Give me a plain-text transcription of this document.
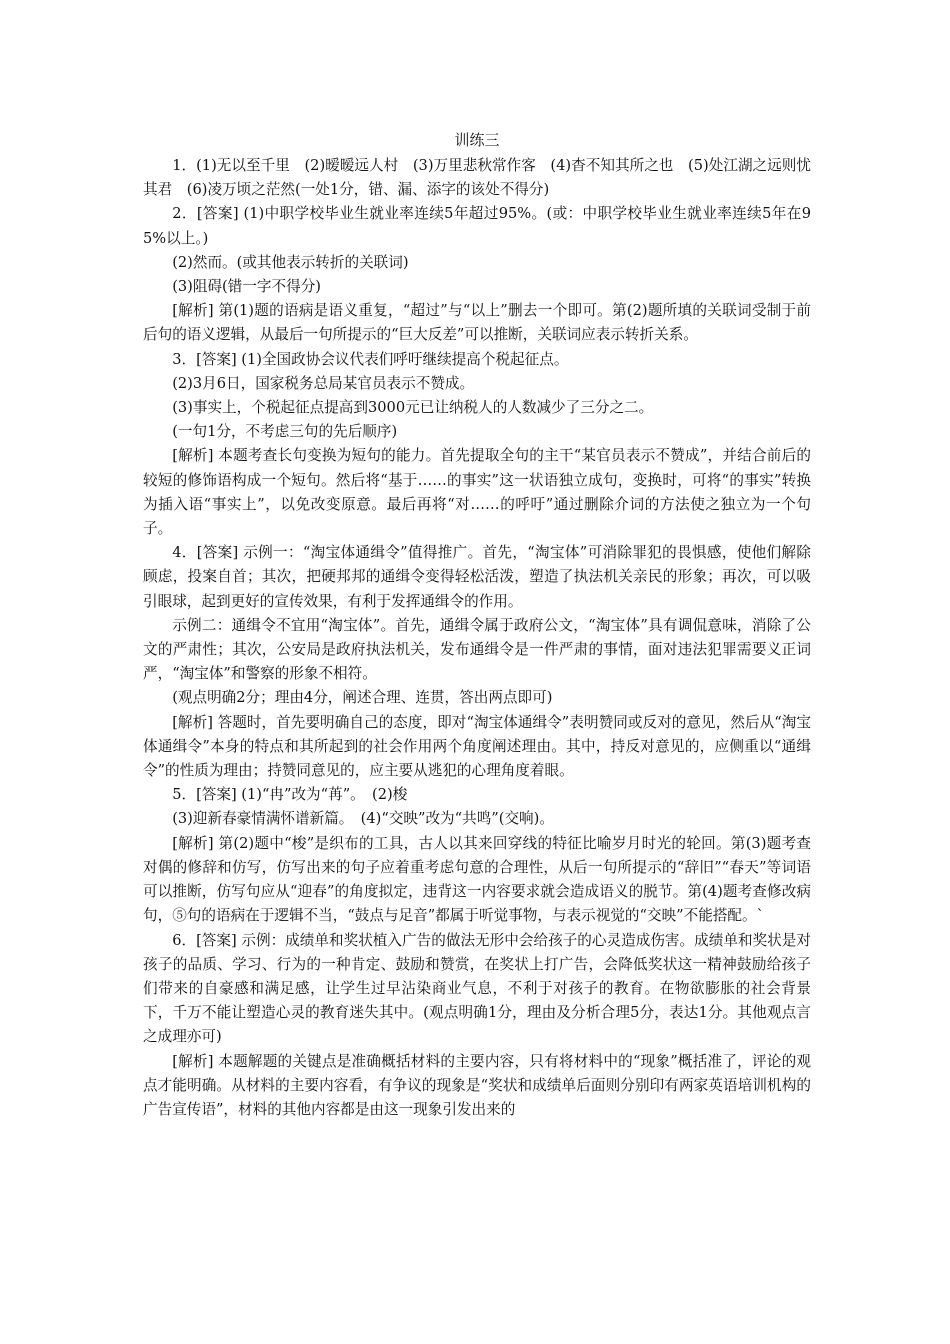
训练三
1．(1)无以至千里　(2)暧暧远人村　(3)万里悲秋常作客　(4)杳不知其所之也　(5)处江湖之远则忧其君　(6)凌万顷之茫然(一处1分，错、漏、添字的该处不得分)
2．[答案] (1)中职学校毕业生就业率连续5年超过95%。(或：中职学校毕业生就业率连续5年在95%以上。)
(2)然而。(或其他表示转折的关联词)
(3)阻碍(错一字不得分)
[解析] 第(1)题的语病是语义重复，“超过”与“以上”删去一个即可。第(2)题所填的关联词受制于前后句的语义逻辑，从最后一句所提示的“巨大反差”可以推断，关联词应表示转折关系。
3．[答案] (1)全国政协会议代表们呼吁继续提高个税起征点。
(2)3月6日，国家税务总局某官员表示不赞成。
(3)事实上，个税起征点提高到3000元已让纳税人的人数减少了三分之二。
(一句1分，不考虑三句的先后顺序)
[解析] 本题考查长句变换为短句的能力。首先提取全句的主干“某官员表示不赞成”，并结合前后的较短的修饰语构成一个短句。然后将“基于……的事实”这一状语独立成句，变换时，可将“的事实”转换为插入语“事实上”，以免改变原意。最后再将“对……的呼吁”通过删除介词的方法使之独立为一个句子。
4．[答案] 示例一：“淘宝体通缉令”值得推广。首先，“淘宝体”可消除罪犯的畏惧感，使他们解除顾虑，投案自首；其次，把硬邦邦的通缉令变得轻松活泼，塑造了执法机关亲民的形象；再次，可以吸引眼球，起到更好的宣传效果，有利于发挥通缉令的作用。
示例二：通缉令不宜用“淘宝体”。首先，通缉令属于政府公文，“淘宝体”具有调侃意味，消除了公文的严肃性；其次，公安局是政府执法机关，发布通缉令是一件严肃的事情，面对违法犯罪需要义正词严，“淘宝体”和警察的形象不相符。
(观点明确2分；理由4分，阐述合理、连贯，答出两点即可)
[解析] 答题时，首先要明确自己的态度，即对“淘宝体通缉令”表明赞同或反对的意见，然后从“淘宝体通缉令”本身的特点和其所起到的社会作用两个角度阐述理由。其中，持反对意见的，应侧重以“通缉令”的性质为理由；持赞同意见的，应主要从逃犯的心理角度着眼。
5．[答案] (1)“冉”改为“苒”。　(2)梭
(3)迎新春豪情满怀谱新篇。　(4)“交映”改为“共鸣”(交响)。
[解析] 第(2)题中“梭”是织布的工具，古人以其来回穿线的特征比喻岁月时光的轮回。第(3)题考查对偶的修辞和仿写，仿写出来的句子应着重考虑句意的合理性，从后一句所提示的“辞旧”“春天”等词语可以推断，仿写句应从“迎春”的角度拟定，违背这一内容要求就会造成语义的脱节。第(4)题考查修改病句，⑤句的语病在于逻辑不当，“鼓点与足音”都属于听觉事物，与表示视觉的“交映”不能搭配。`
6．[答案] 示例：成绩单和奖状植入广告的做法无形中会给孩子的心灵造成伤害。成绩单和奖状是对孩子的品质、学习、行为的一种肯定、鼓励和赞赏，在奖状上打广告，会降低奖状这一精神鼓励给孩子们带来的自豪感和满足感，让学生过早沾染商业气息，不利于对孩子的教育。在物欲膨胀的社会背景下，千万不能让塑造心灵的教育迷失其中。(观点明确1分，理由及分析合理5分，表达1分。其他观点言之成理亦可)
[解析] 本题解题的关键点是准确概括材料的主要内容，只有将材料中的“现象”概括准了，评论的观点才能明确。从材料的主要内容看，有争议的现象是“奖状和成绩单后面则分别印有两家英语培训机构的广告宣传语”，材料的其他内容都是由这一现象引发出来的
